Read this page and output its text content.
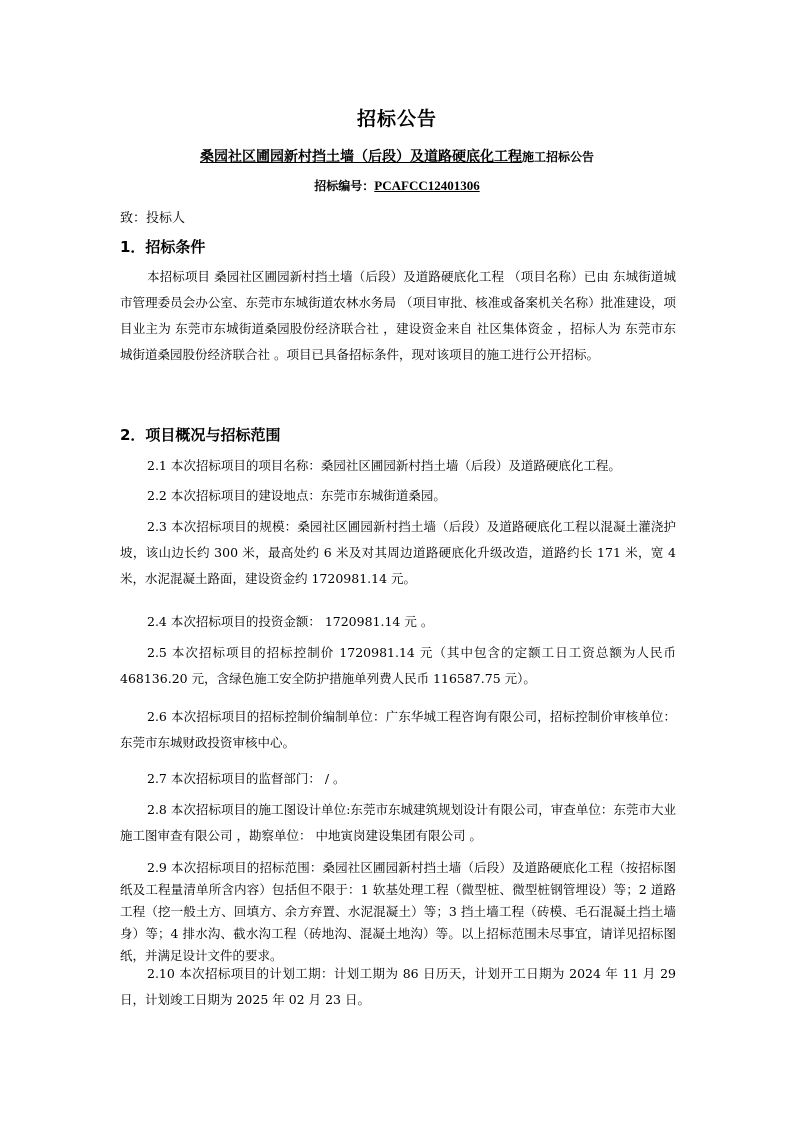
招标公告
桑园社区圃园新村挡土墙（后段）及道路硬底化工程施工招标公告
招标编号：PCAFCC12401306
致：投标人
1．招标条件
本招标项目 桑园社区圃园新村挡土墙（后段）及道路硬底化工程 （项目名称）已由 东城街道城市管理委员会办公室、东莞市东城街道农林水务局 （项目审批、核准或备案机关名称）批准建设，项目业主为 东莞市东城街道桑园股份经济联合社 ，建设资金来自 社区集体资金 ，招标人为 东莞市东城街道桑园股份经济联合社 。项目已具备招标条件，现对该项目的施工进行公开招标。
2．项目概况与招标范围
2.1 本次招标项目的项目名称：桑园社区圃园新村挡土墙（后段）及道路硬底化工程。
2.2 本次招标项目的建设地点：东莞市东城街道桑园。
2.3 本次招标项目的规模：桑园社区圃园新村挡土墙（后段）及道路硬底化工程以混凝土灌浇护坡，该山边长约 300 米，最高处约 6 米及对其周边道路硬底化升级改造，道路约长 171 米，宽 4 米，水泥混凝土路面，建设资金约 1720981.14 元。
2.4 本次招标项目的投资金额： 1720981.14 元 。
2.5 本次招标项目的招标控制价 1720981.14 元（其中包含的定额工日工资总额为人民币 468136.20 元，含绿色施工安全防护措施单列费人民币 116587.75 元）。
2.6 本次招标项目的招标控制价编制单位：广东华城工程咨询有限公司，招标控制价审核单位：东莞市东城财政投资审核中心。
2.7 本次招标项目的监督部门： / 。
2.8 本次招标项目的施工图设计单位:东莞市东城建筑规划设计有限公司，审查单位：东莞市大业施工图审查有限公司 ，勘察单位： 中地寅岗建设集团有限公司 。
2.9 本次招标项目的招标范围：桑园社区圃园新村挡土墙（后段）及道路硬底化工程（按招标图纸及工程量清单所含内容）包括但不限于：1 软基处理工程（微型桩、微型桩钢管埋设）等；2 道路工程（挖一般土方、回填方、余方弃置、水泥混凝土）等；3 挡土墙工程（砖模、毛石混凝土挡土墙身）等；4 排水沟、截水沟工程（砖地沟、混凝土地沟）等。以上招标范围未尽事宜，请详见招标图纸，并满足设计文件的要求。
2.10 本次招标项目的计划工期：计划工期为 86 日历天，计划开工日期为 2024 年 11 月 29 日，计划竣工日期为 2025 年 02 月 23 日。
